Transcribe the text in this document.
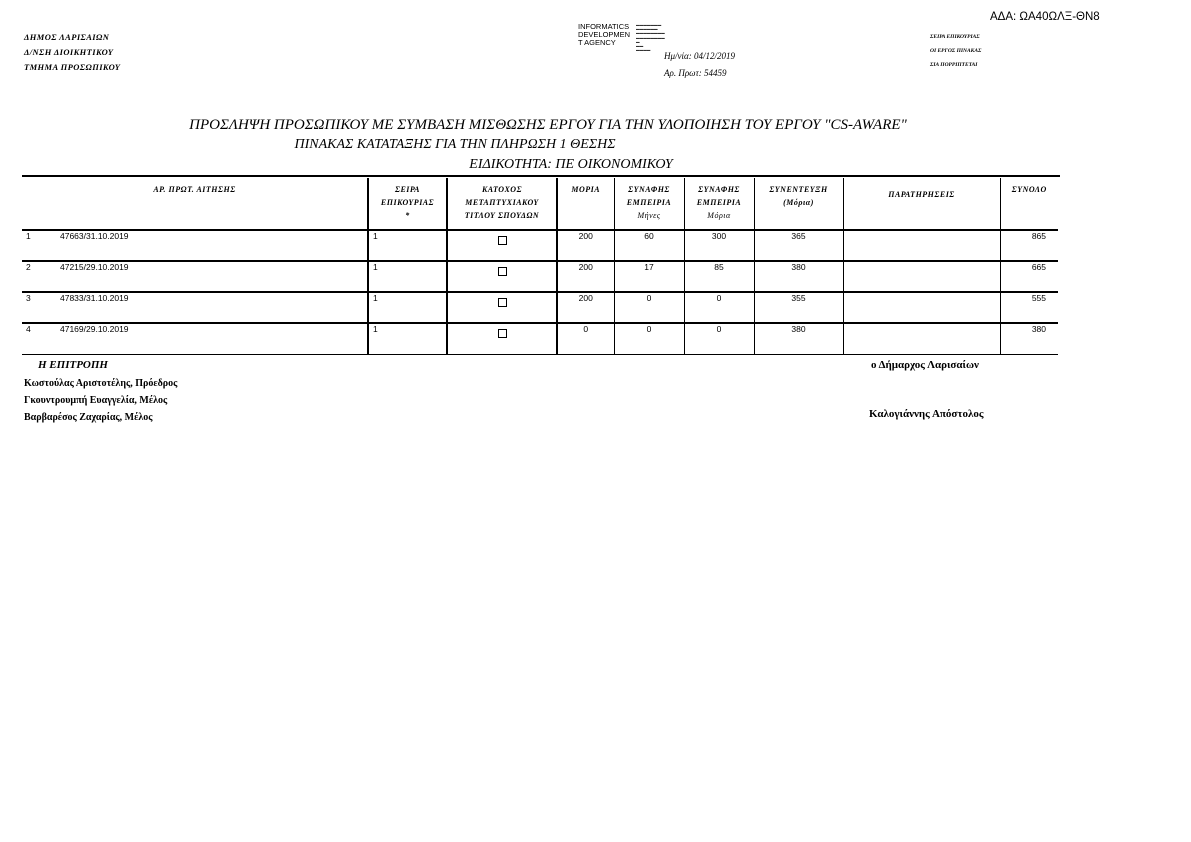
ΑΔΑ: ΩΑ40ΩΛΞ-ΘΝ8
ΔΗΜΟΣ ΛΑΡΙΣΑΙΩΝ
Δ/ΝΣΗ ΔΙΟΙΚΗΤΙΚΟΥ
ΤΜΗΜΑ ΠΡΟΣΩΠΙΚΟΥ
INFORMATICS
DEVELOPMEN
T AGENCY
▬▬▬▬▬▬▬
▬▬▬▬▬▬
▬▬▬▬▬▬▬▬
▬▬▬▬▬▬▬▬
▬
▬▬
▬▬▬▬
Ημ/νία: 04/12/2019
Αρ. Πρωτ: 54459
ΣΕΙΡΑ ΕΠΙΚΟΥΡΙΑΣ
ΟΙ ΕΡΓΟΣ ΠΙΝΑΚΑΣ
ΣΙΑ ΠΟΡΡΙΠΤΕΤΑΙ
ΠΡΟΣΛΗΨΗ ΠΡΟΣΩΠΙΚΟΥ ΜΕ ΣΥΜΒΑΣΗ ΜΙΣΘΩΣΗΣ ΕΡΓΟΥ ΓΙΑ ΤΗΝ ΥΛΟΠΟΙΗΣΗ ΤΟΥ ΕΡΓΟΥ "CS-AWARE"
ΠΙΝΑΚΑΣ ΚΑΤΑΤΑΞΗΣ ΓΙΑ ΤΗΝ ΠΛΗΡΩΣΗ 1 ΘΕΣΗΣ
ΕΙΔΙΚΟΤΗΤΑ: ΠΕ ΟΙΚΟΝΟΜΙΚΟΥ
ΑΡ. ΠΡΩΤ. ΑΙΤΗΣΗΣ	ΣΕΙΡΑ
ΕΠΙΚΟΥΡΙΑΣ
*	ΚΑΤΟΧΟΣ
ΜΕΤΑΠΤΥΧΙΑΚΟΥ
ΤΙΤΛΟΥ ΣΠΟΥΔΩΝ	ΜΟΡΙΑ	ΣΥΝΑΦΗΣ
ΕΜΠΕΙΡΙΑ
Μήνες	ΣΥΝΑΦΗΣ
ΕΜΠΕΙΡΙΑ
Μόρια	ΣΥΝΕΝΤΕΥΞΗ
(Μόρια)	ΠΑΡΑΤΗΡΗΣΕΙΣ	ΣΥΝΟΛΟ
1 47663/31.10.2019	1		200	60	300	365		865
2 47215/29.10.2019	1		200	17	85	380		665
3 47833/31.10.2019	1		200	0	0	355		555
4 47169/29.10.2019	1		0	0	0	380		380
Η ΕΠΙΤΡΟΠΗ
Κωστούλας Αριστοτέλης, Πρόεδρος
Γκουντρουμπή Ευαγγελία, Μέλος
Βαρβαρέσος Ζαχαρίας, Μέλος
ο Δήμαρχος Λαρισαίων
Καλογιάννης Απόστολος
